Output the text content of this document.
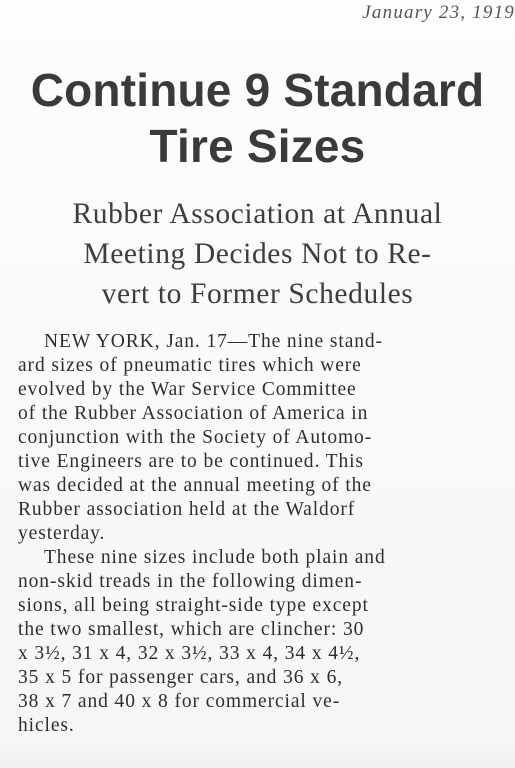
January 23, 1919
Continue 9 Standard
Tire Sizes
Rubber Association at Annual
Meeting Decides Not to Re-
vert to Former Schedules
NEW YORK, Jan. 17—The nine stand-
ard sizes of pneumatic tires which were
evolved by the War Service Committee
of the Rubber Association of America in
conjunction with the Society of Automo-
tive Engineers are to be continued. This
was decided at the annual meeting of the
Rubber association held at the Waldorf
yesterday.
These nine sizes include both plain and
non-skid treads in the following dimen-
sions, all being straight-side type except
the two smallest, which are clincher: 30
x 3½, 31 x 4, 32 x 3½, 33 x 4, 34 x 4½,
35 x 5 for passenger cars, and 36 x 6,
38 x 7 and 40 x 8 for commercial ve-
hicles.
